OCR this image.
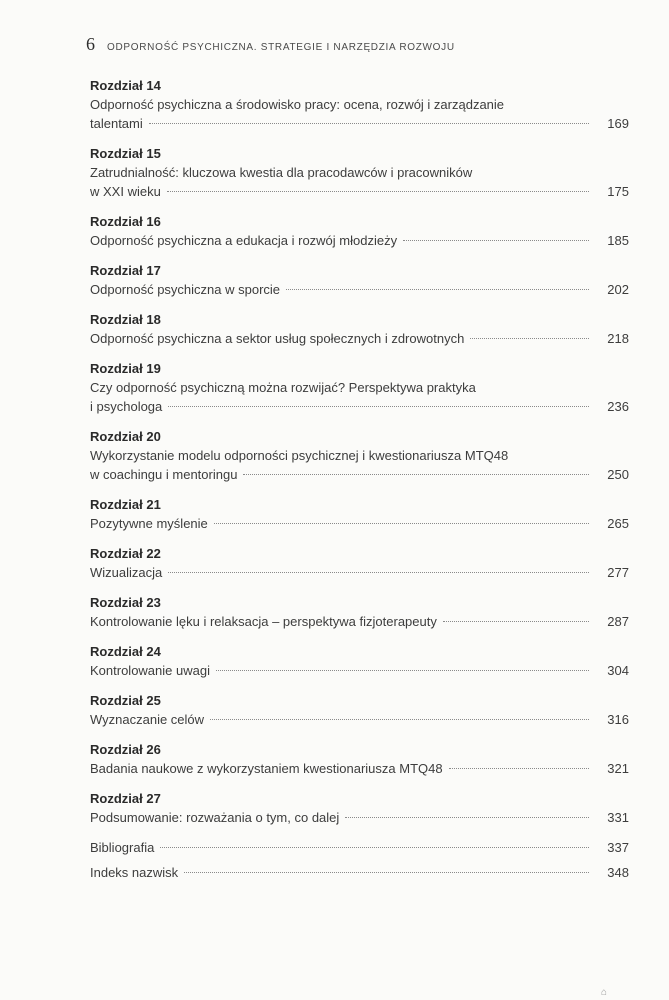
6 ODPORNOŚĆ PSYCHICZNA. STRATEGIE I NARZĘDZIA ROZWOJU
Rozdział 14
Odporność psychiczna a środowisko pracy: ocena, rozwój i zarządzanie
talentami	169
Rozdział 15
Zatrudnialność: kluczowa kwestia dla pracodawców i pracowników
w XXI wieku	175
Rozdział 16
Odporność psychiczna a edukacja i rozwój młodzieży	185
Rozdział 17
Odporność psychiczna w sporcie	202
Rozdział 18
Odporność psychiczna a sektor usług społecznych i zdrowotnych	218
Rozdział 19
Czy odporność psychiczną można rozwijać? Perspektywa praktyka
i psychologa	236
Rozdział 20
Wykorzystanie modelu odporności psychicznej i kwestionariusza MTQ48
w coachingu i mentoringu	250
Rozdział 21
Pozytywne myślenie	265
Rozdział 22
Wizualizacja	277
Rozdział 23
Kontrolowanie lęku i relaksacja – perspektywa fizjoterapeuty	287
Rozdział 24
Kontrolowanie uwagi	304
Rozdział 25
Wyznaczanie celów	316
Rozdział 26
Badania naukowe z wykorzystaniem kwestionariusza MTQ48	321
Rozdział 27
Podsumowanie: rozważania o tym, co dalej	331
Bibliografia	337
Indeks nazwisk	348
⌂
